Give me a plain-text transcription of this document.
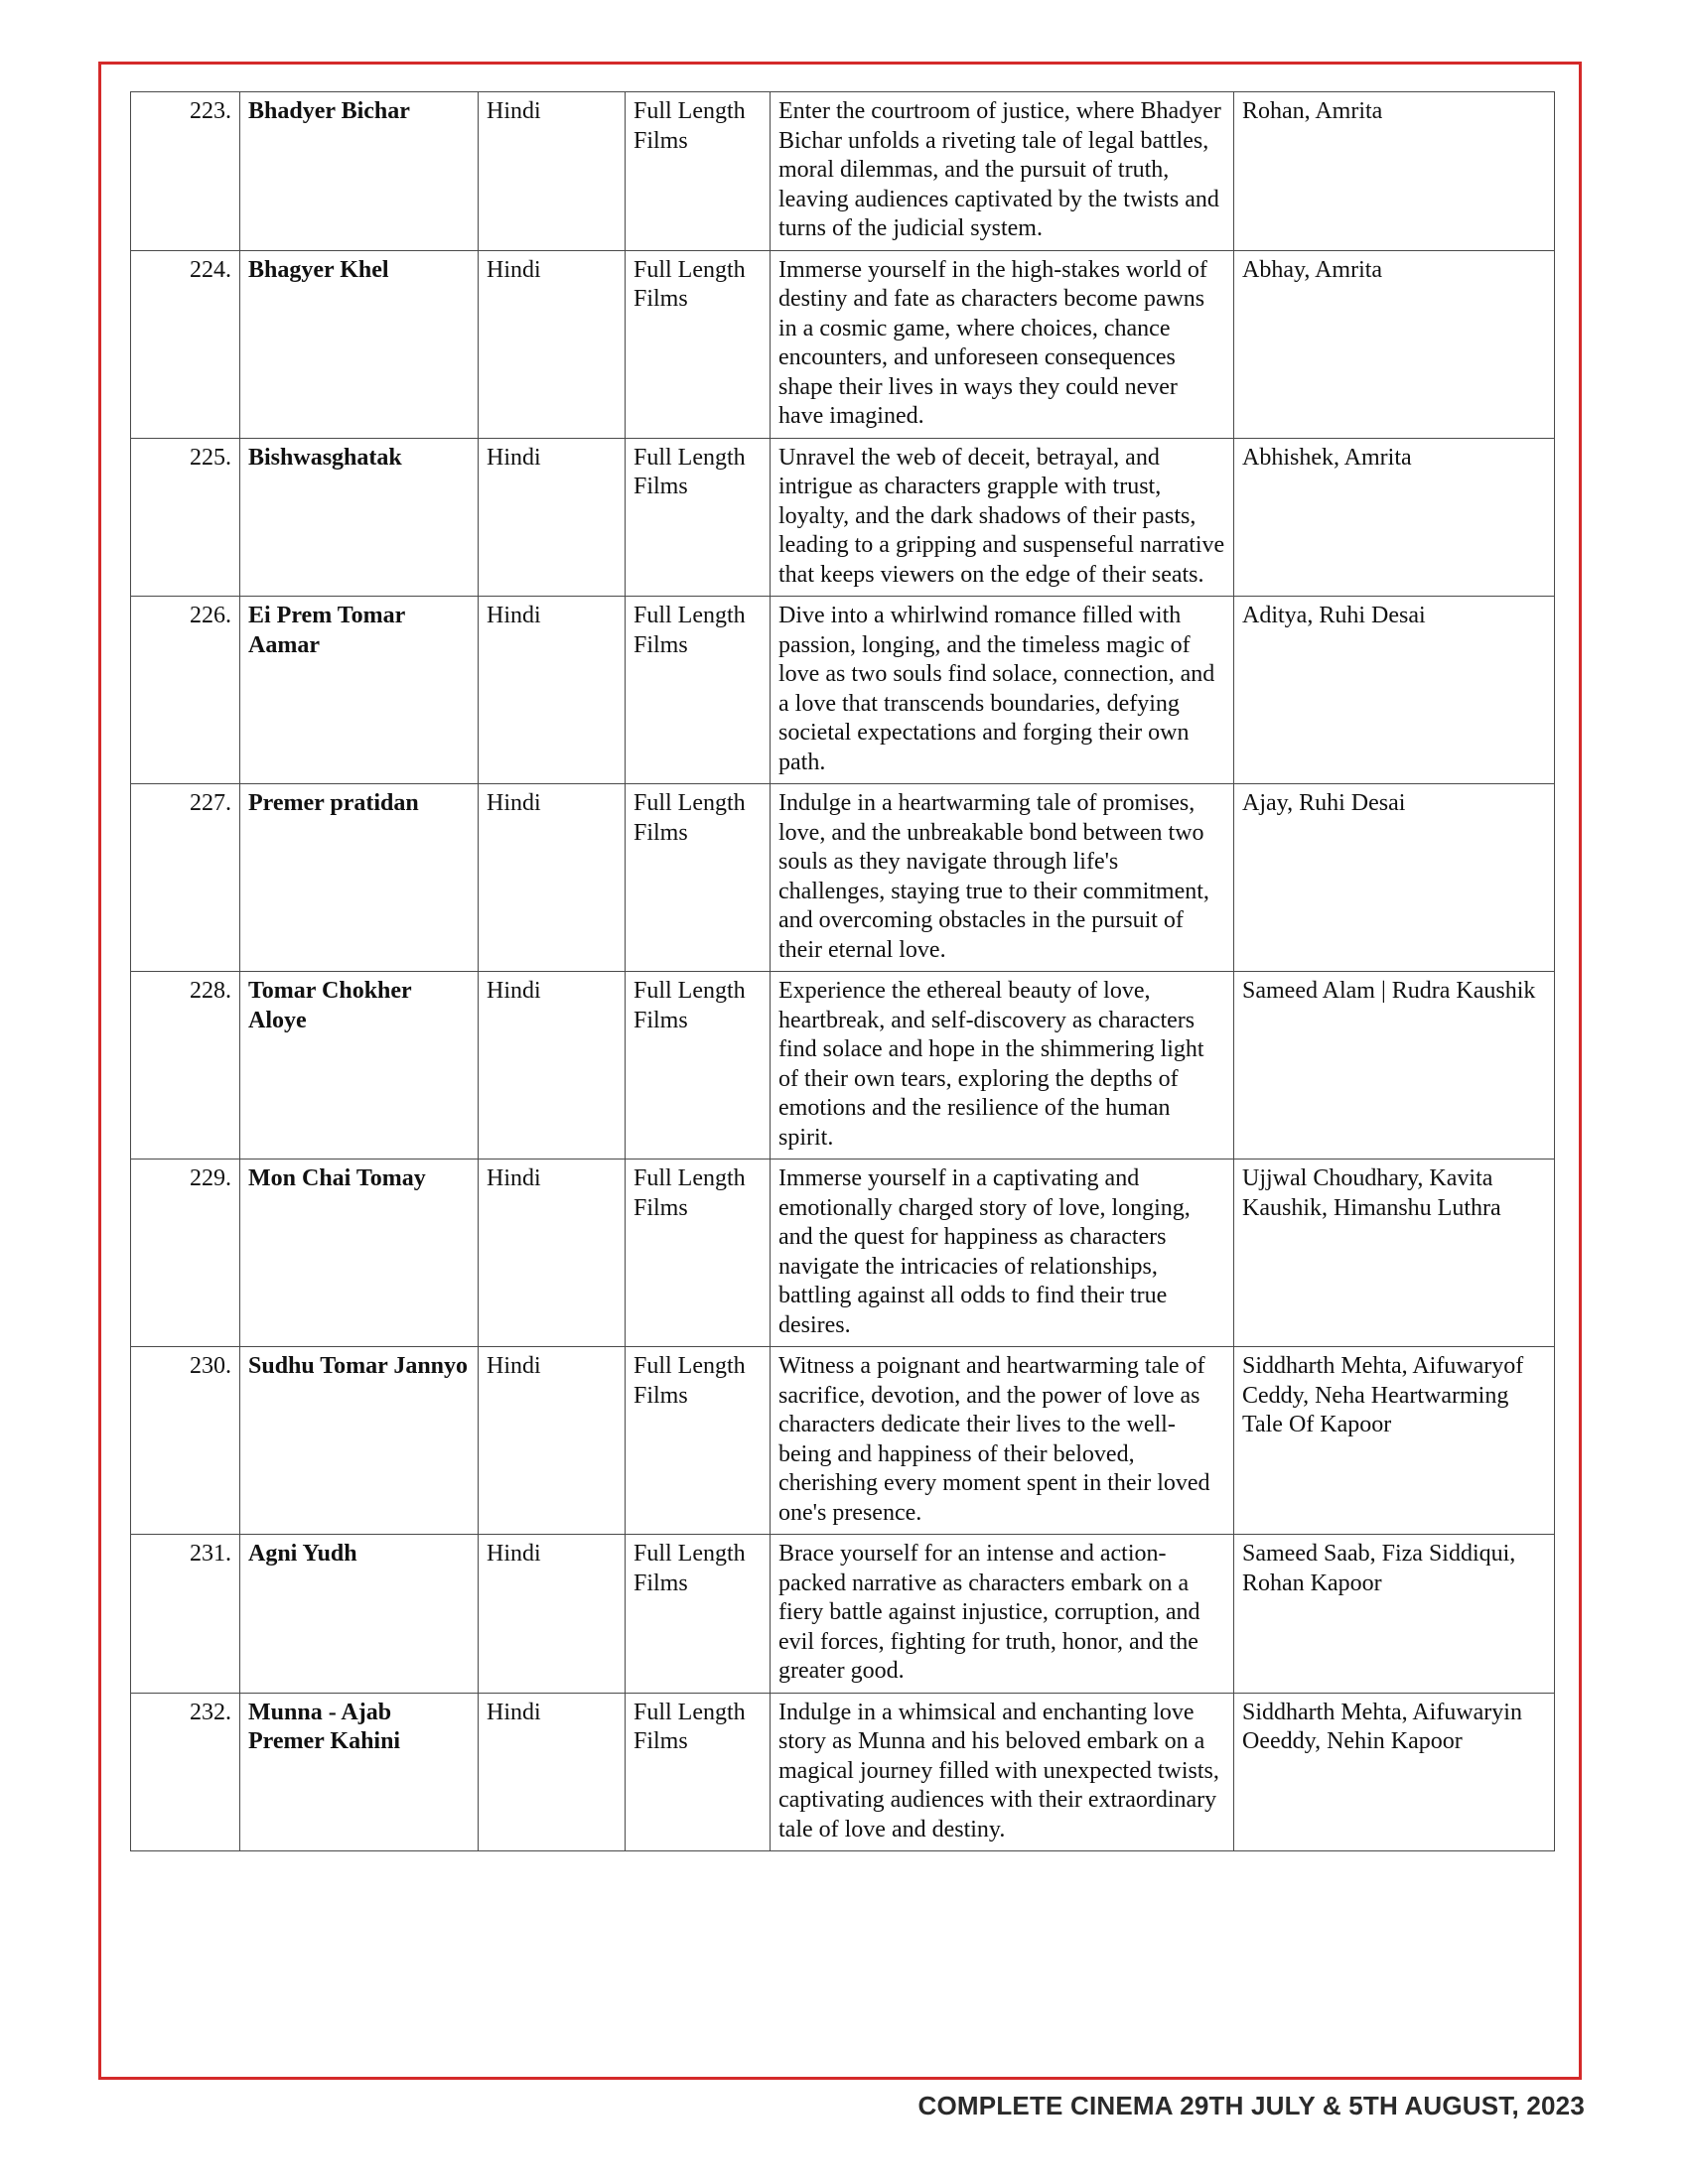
223.	Bhadyer Bichar	Hindi	Full Length Films	Enter the courtroom of justice, where Bhadyer Bichar unfolds a riveting tale of legal battles, moral dilemmas, and the pursuit of truth, leaving audiences captivated by the twists and turns of the judicial system.	Rohan, Amrita
224.	Bhagyer Khel	Hindi	Full Length Films	Immerse yourself in the high-stakes world of destiny and fate as characters become pawns in a cosmic game, where choices, chance encounters, and unforeseen consequences shape their lives in ways they could never have imagined.	Abhay, Amrita
225.	Bishwasghatak	Hindi	Full Length Films	Unravel the web of deceit, betrayal, and intrigue as characters grapple with trust, loyalty, and the dark shadows of their pasts, leading to a gripping and suspenseful narrative that keeps viewers on the edge of their seats.	Abhishek, Amrita
226.	Ei Prem Tomar Aamar	Hindi	Full Length Films	Dive into a whirlwind romance filled with passion, longing, and the timeless magic of love as two souls find solace, connection, and a love that transcends boundaries, defying societal expectations and forging their own path.	Aditya, Ruhi Desai
227.	Premer pratidan	Hindi	Full Length Films	Indulge in a heartwarming tale of promises, love, and the unbreakable bond between two souls as they navigate through life's challenges, staying true to their commitment, and overcoming obstacles in the pursuit of their eternal love.	Ajay, Ruhi Desai
228.	Tomar Chokher Aloye	Hindi	Full Length Films	Experience the ethereal beauty of love, heartbreak, and self-discovery as characters find solace and hope in the shimmering light of their own tears, exploring the depths of emotions and the resilience of the human spirit.	Sameed Alam | Rudra Kaushik
229.	Mon Chai Tomay	Hindi	Full Length Films	Immerse yourself in a captivating and emotionally charged story of love, longing, and the quest for happiness as characters navigate the intricacies of relationships, battling against all odds to find their true desires.	Ujjwal Choudhary, Kavita Kaushik, Himanshu Luthra
230.	Sudhu Tomar Jannyo	Hindi	Full Length Films	Witness a poignant and heartwarming tale of sacrifice, devotion, and the power of love as characters dedicate their lives to the well-being and happiness of their beloved, cherishing every moment spent in their loved one's presence.	Siddharth Mehta, Aifuwaryof Ceddy, Neha Heartwarming Tale Of Kapoor
231.	Agni Yudh	Hindi	Full Length Films	Brace yourself for an intense and action-packed narrative as characters embark on a fiery battle against injustice, corruption, and evil forces, fighting for truth, honor, and the greater good.	Sameed Saab, Fiza Siddiqui, Rohan Kapoor
232.	Munna - Ajab Premer Kahini	Hindi	Full Length Films	Indulge in a whimsical and enchanting love story as Munna and his beloved embark on a magical journey filled with unexpected twists, captivating audiences with their extraordinary tale of love and destiny.	Siddharth Mehta, Aifuwaryin Oeeddy, Nehin Kapoor
COMPLETE CINEMA 29TH JULY & 5TH AUGUST, 2023
